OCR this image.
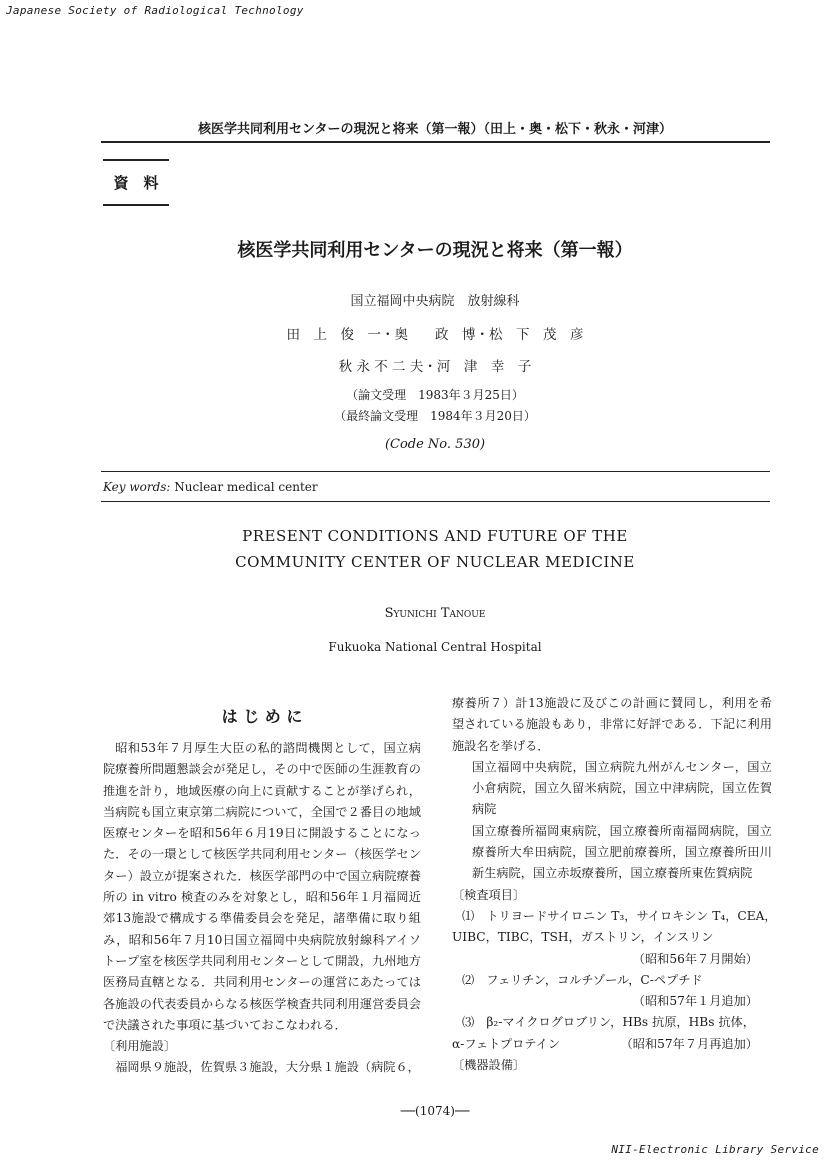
Japanese Society of Radiological Technology
核医学共同利用センターの現況と将来（第一報）（田上・奥・松下・秋永・河津）
資　料
核医学共同利用センターの現況と将来（第一報）
国立福岡中央病院　放射線科
田　上　俊　一・奥　　政　博・松　下　茂　彦
秋 永 不 二 夫・河　津　幸　子
（論文受理　1983年３月25日）
（最終論文受理　1984年３月20日）
(Code No. 530)
Key words: Nuclear medical center
PRESENT CONDITIONS AND FUTURE OF THE
COMMUNITY CENTER OF NUCLEAR MEDICINE
Syunichi Tanoue
Fukuoka National Central Hospital
は じ め に

昭和53年７月厚生大臣の私的諮問機関として，国立病院療養所問題懇談会が発足し，その中で医師の生涯教育の推進を計り，地域医療の向上に貢献することが挙げられ，当病院も国立東京第二病院について，全国で２番目の地域医療センターを昭和56年６月19日に開設することになった．その一環として核医学共同利用センター（核医学センター）設立が提案された．核医学部門の中で国立病院療養所の in vitro 検査のみを対象とし，昭和56年１月福岡近郊13施設で構成する準備委員会を発足，諸準備に取り組み，昭和56年７月10日国立福岡中央病院放射線科アイソトープ室を核医学共同利用センターとして開設，九州地方医務局直轄となる．共同利用センターの運営にあたっては各施設の代表委員からなる核医学検査共同利用運営委員会で決議された事項に基づいておこなわれる．

〔利用施設〕

福岡県９施設，佐賀県３施設，大分県１施設（病院６，

療養所７）計13施設に及びこの計画に賛同し，利用を希望されている施設もあり，非常に好評である．下記に利用施設名を挙げる．

国立福岡中央病院，国立病院九州がんセンター，国立小倉病院，国立久留米病院，国立中津病院，国立佐賀病院

国立療養所福岡東病院，国立療養所南福岡病院，国立療養所大牟田病院，国立肥前療養所，国立療養所田川新生病院，国立赤坂療養所，国立療養所東佐賀病院

〔検査項目〕

⑴　トリヨードサイロニン T₃，サイロキシン T₄，CEA，

UIBC，TIBC，TSH，ガストリン，インスリン

（昭和56年７月開始）

⑵　フェリチン，コルチゾール，C-ペプチド

（昭和57年１月追加）

⑶　β₂-マイクログロブリン，HBs 抗原，HBs 抗体，

α-フェトプロテイン	（昭和57年７月再追加）

〔機器設備〕

──(1074)──
NII-Electronic Library Service
